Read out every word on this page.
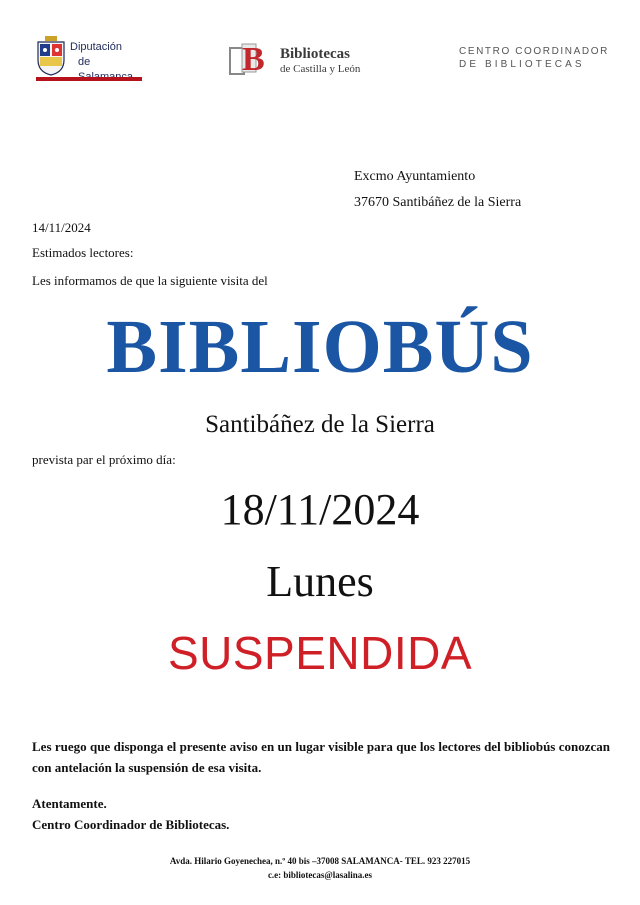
Diputación
de	B Bibliotecas
de Castilla y León
CENTRO COORDINADOR
DE BIBLIOTECAS
Excmo Ayuntamiento
37670 Santibáñez de la Sierra
14/11/2024
Estimados lectores:
Les informamos de que la siguiente visita del
BIBLIOBÚS
Santibáñez de la Sierra
prevista par el próximo día:
18/11/2024
Lunes
SUSPENDIDA
Les ruego que disponga el presente aviso en un lugar visible para que los lectores del bibliobús conozcan con antelación la suspensión de esa visita.
Atentamente.
Centro Coordinador de Bibliotecas.
Avda. Hilario Goyenechea, n.º 40 bis –37008 SALAMANCA- TEL. 923 227015
c.e: bibliotecas@lasalina.es
